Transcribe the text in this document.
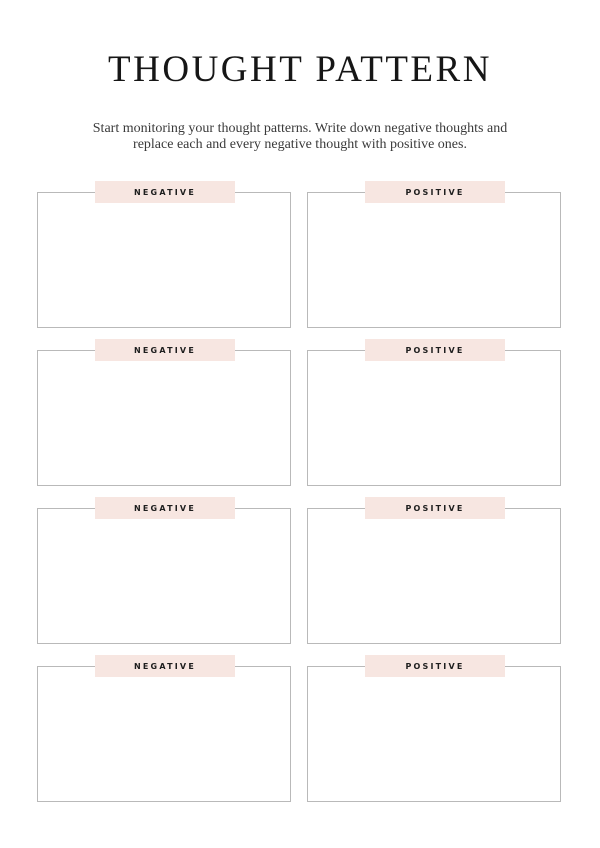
THOUGHT PATTERN

Start monitoring your thought patterns. Write down negative thoughts and
replace each and every negative thought with positive ones.

NEGATIVE	POSITIVE
NEGATIVE	POSITIVE
NEGATIVE	POSITIVE
NEGATIVE	POSITIVE
